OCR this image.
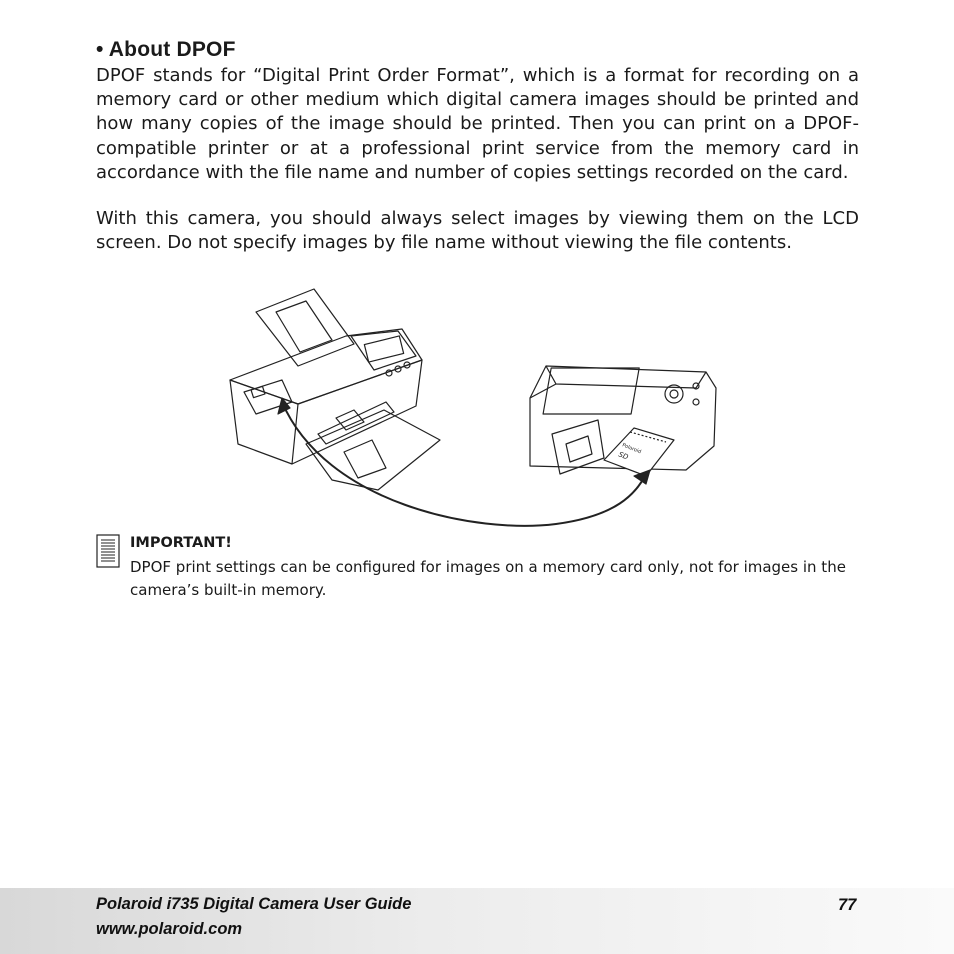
• About DPOF

DPOF stands for “Digital Print Order Format”, which is a format for recording on a memory card or other medium which digital camera images should be printed and how many copies of the image should be printed. Then you can print on a DPOF-compatible printer or at a professional print service from the memory card in accordance with the file name and number of copies settings recorded on the card.

With this camera, you should always select images by viewing them on the LCD screen. Do not specify images by file name without viewing the file contents.

Polaroid
SD
IMPORTANT!

DPOF print settings can be configured for images on a memory card only, not for images in the camera’s built-in memory.

Polaroid i735 Digital Camera User Guide
www.polaroid.com
77
